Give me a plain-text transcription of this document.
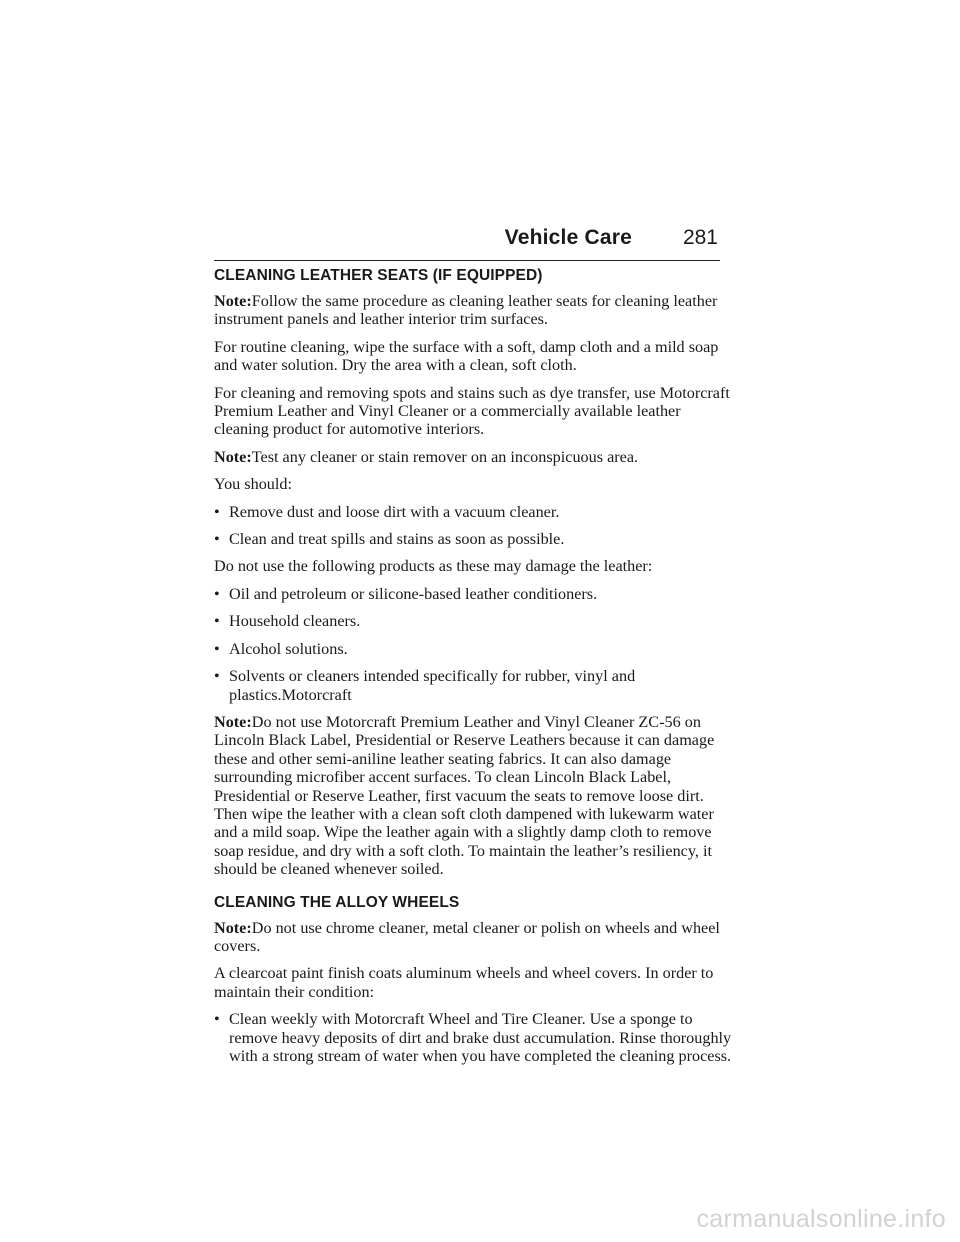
Vehicle Care 281
CLEANING LEATHER SEATS (IF EQUIPPED)

Note:Follow the same procedure as cleaning leather seats for cleaning leather instrument panels and leather interior trim surfaces.

For routine cleaning, wipe the surface with a soft, damp cloth and a mild soap and water solution. Dry the area with a clean, soft cloth.

For cleaning and removing spots and stains such as dye transfer, use Motorcraft Premium Leather and Vinyl Cleaner or a commercially available leather cleaning product for automotive interiors.

Note:Test any cleaner or stain remover on an inconspicuous area.

You should:

• Remove dust and loose dirt with a vacuum cleaner.
• Clean and treat spills and stains as soon as possible.

Do not use the following products as these may damage the leather:

• Oil and petroleum or silicone-based leather conditioners.
• Household cleaners.
• Alcohol solutions.
• Solvents or cleaners intended specifically for rubber, vinyl and plastics.Motorcraft

Note:Do not use Motorcraft Premium Leather and Vinyl Cleaner ZC-56 on Lincoln Black Label, Presidential or Reserve Leathers because it can damage these and other semi-aniline leather seating fabrics. It can also damage surrounding microfiber accent surfaces. To clean Lincoln Black Label, Presidential or Reserve Leather, first vacuum the seats to remove loose dirt. Then wipe the leather with a clean soft cloth dampened with lukewarm water and a mild soap. Wipe the leather again with a slightly damp cloth to remove soap residue, and dry with a soft cloth. To maintain the leather’s resiliency, it should be cleaned whenever soiled.

CLEANING THE ALLOY WHEELS

Note:Do not use chrome cleaner, metal cleaner or polish on wheels and wheel covers.

A clearcoat paint finish coats aluminum wheels and wheel covers. In order to maintain their condition:

• Clean weekly with Motorcraft Wheel and Tire Cleaner. Use a sponge to remove heavy deposits of dirt and brake dust accumulation. Rinse thoroughly with a strong stream of water when you have completed the cleaning process.
carmanualsonline.info
